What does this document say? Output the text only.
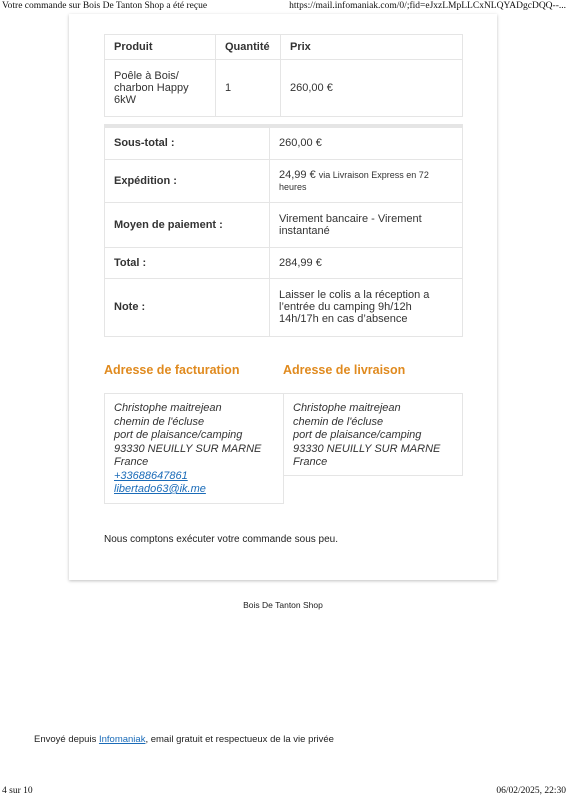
Votre commande sur Bois De Tanton Shop a été reçue	https://mail.infomaniak.com/0/;fid=eJxzLMpLLCxNLQYADgcDQQ--...
Produit	Quantité	Prix
Poêle à Bois/ charbon Happy 6kW	1	260,00 €
Sous-total :	260,00 €
Expédition :	24,99 € via Livraison Express en 72 heures
Moyen de paiement :	Virement bancaire - Virement instantané
Total :	284,99 €
Note :	Laisser le colis a la réception a l’entrée du camping 9h/12h 14h/17h en cas d’absence
Adresse de facturation	Adresse de livraison
Christophe maitrejean
chemin de l'écluse
port de plaisance/camping
93330 NEUILLY SUR MARNE
France
+33688647861
libertado63@ik.me
Christophe maitrejean
chemin de l'écluse
port de plaisance/camping
93330 NEUILLY SUR MARNE
France
Nous comptons exécuter votre commande sous peu.
Bois De Tanton Shop
Envoyé depuis Infomaniak, email gratuit et respectueux de la vie privée
4 sur 10	06/02/2025, 22:30
